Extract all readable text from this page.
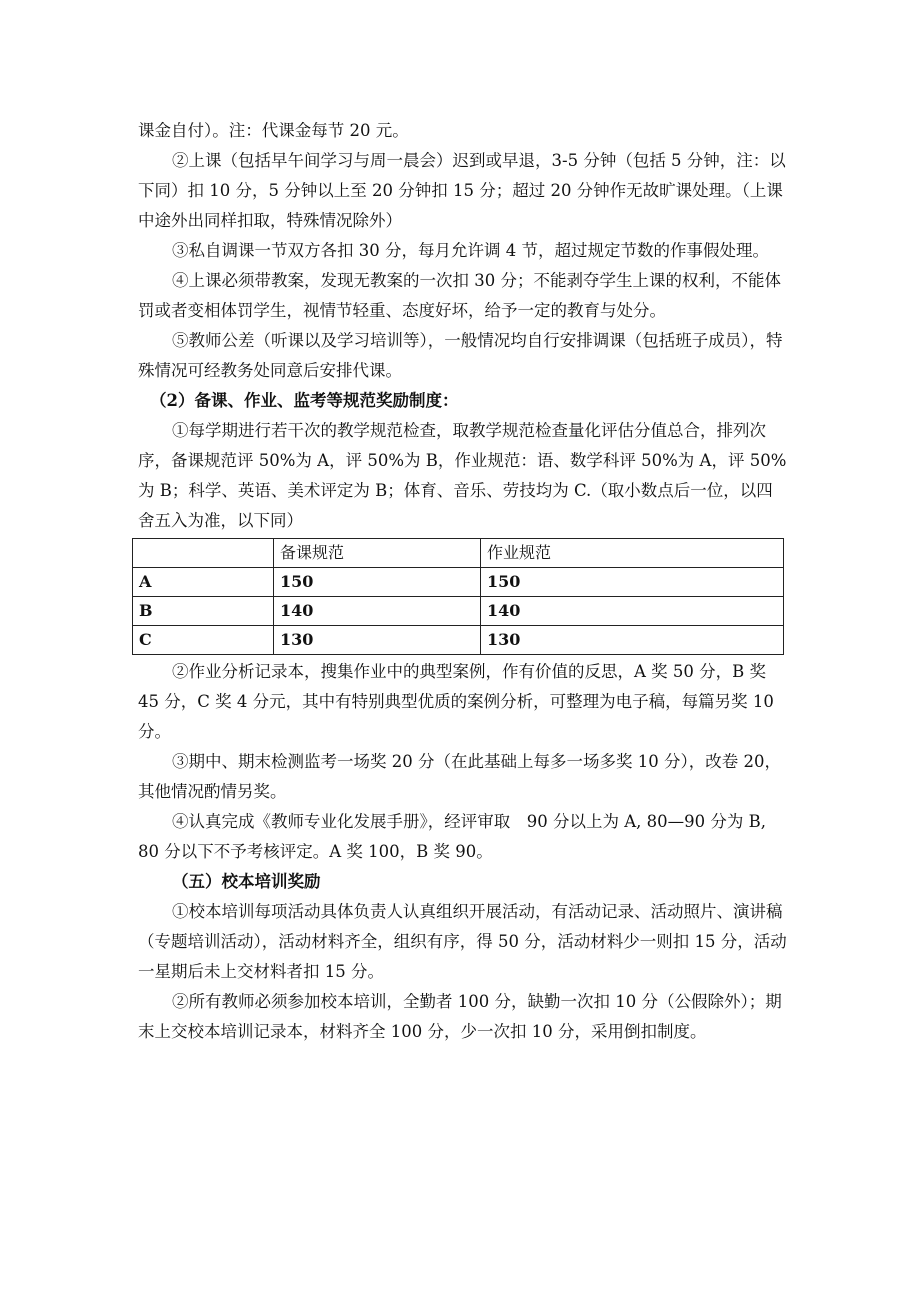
课金自付）。注：代课金每节 20 元。

②上课（包括早午间学习与周一晨会）迟到或早退，3-5 分钟（包括 5 分钟，注：以下同）扣 10 分，5 分钟以上至 20 分钟扣 15 分；超过 20 分钟作无故旷课处理。（上课中途外出同样扣取，特殊情况除外）

③私自调课一节双方各扣 30 分，每月允许调 4 节，超过规定节数的作事假处理。

④上课必须带教案，发现无教案的一次扣 30 分；不能剥夺学生上课的权利，不能体罚或者变相体罚学生，视情节轻重、态度好坏，给予一定的教育与处分。

⑤教师公差（听课以及学习培训等），一般情况均自行安排调课（包括班子成员），特殊情况可经教务处同意后安排代课。

（2）备课、作业、监考等规范奖励制度：

①每学期进行若干次的教学规范检查，取教学规范检查量化评估分值总合，排列次序，备课规范评 50%为 A，评 50%为 B，作业规范：语、数学科评 50%为 A，评 50%为 B；科学、英语、美术评定为 B；体育、音乐、劳技均为 C.（取小数点后一位，以四舍五入为准，以下同）

	备课规范	作业规范
A	150	150
B	140	140
C	130	130

②作业分析记录本，搜集作业中的典型案例，作有价值的反思，A 奖 50 分，B 奖 45 分，C 奖 4 分元，其中有特别典型优质的案例分析，可整理为电子稿，每篇另奖 10 分。

③期中、期末检测监考一场奖 20 分（在此基础上每多一场多奖 10 分），改卷 20，其他情况酌情另奖。

④认真完成《教师专业化发展手册》，经评审取　90 分以上为 A, 80—90 分为 B, 80 分以下不予考核评定。A 奖 100，B 奖 90。

（五）校本培训奖励

①校本培训每项活动具体负责人认真组织开展活动，有活动记录、活动照片、演讲稿（专题培训活动），活动材料齐全，组织有序，得 50 分，活动材料少一则扣 15 分，活动一星期后未上交材料者扣 15 分。

②所有教师必须参加校本培训，全勤者 100 分，缺勤一次扣 10 分（公假除外）；期末上交校本培训记录本，材料齐全 100 分，少一次扣 10 分，采用倒扣制度。
